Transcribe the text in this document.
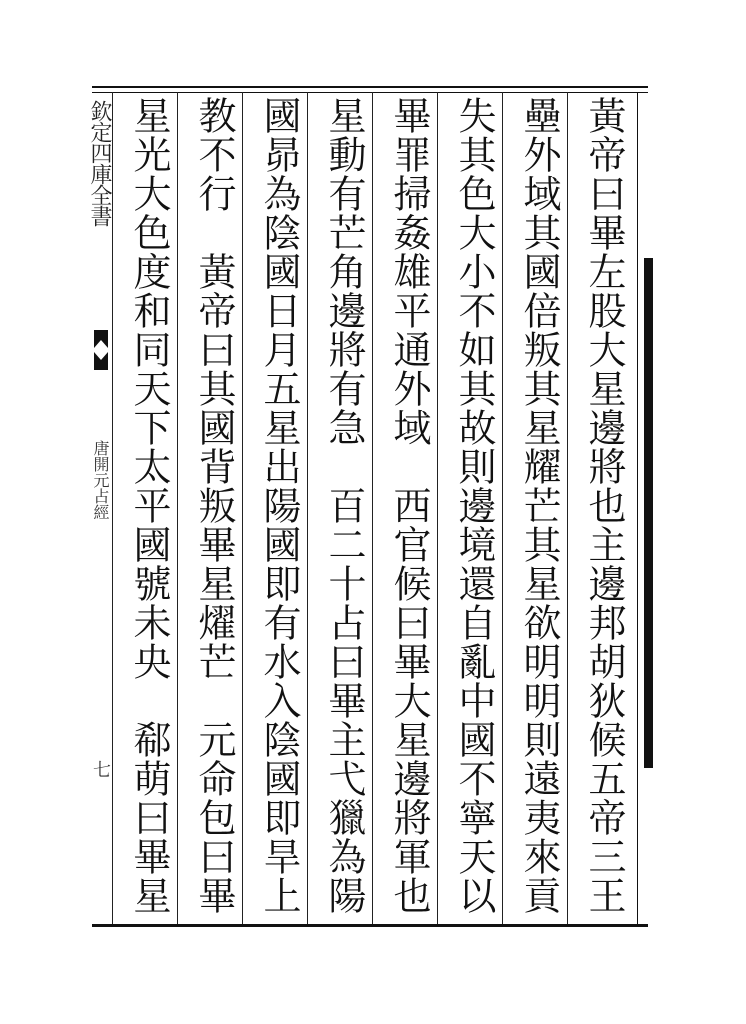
欽定四庫全書
唐開元占經
七	黃帝曰畢左股大星邊將也主邊邦胡狄候五帝三王
壘外域其國倍叛其星耀芒其星欲明明則遠夷來貢
失其色大小不如其故則邊境還自亂中國不寧天以
畢罪掃姦雄平通外域　西官候曰畢大星邊將軍也
星動有芒角邊將有急　百二十占曰畢主弋獵為陽
國昴為陰國日月五星出陽國即有水入陰國即旱上
教不行　黃帝曰其國背叛畢星燿芒　元命包曰畢
星光大色度和同天下太平國號未央　郗萌曰畢星
